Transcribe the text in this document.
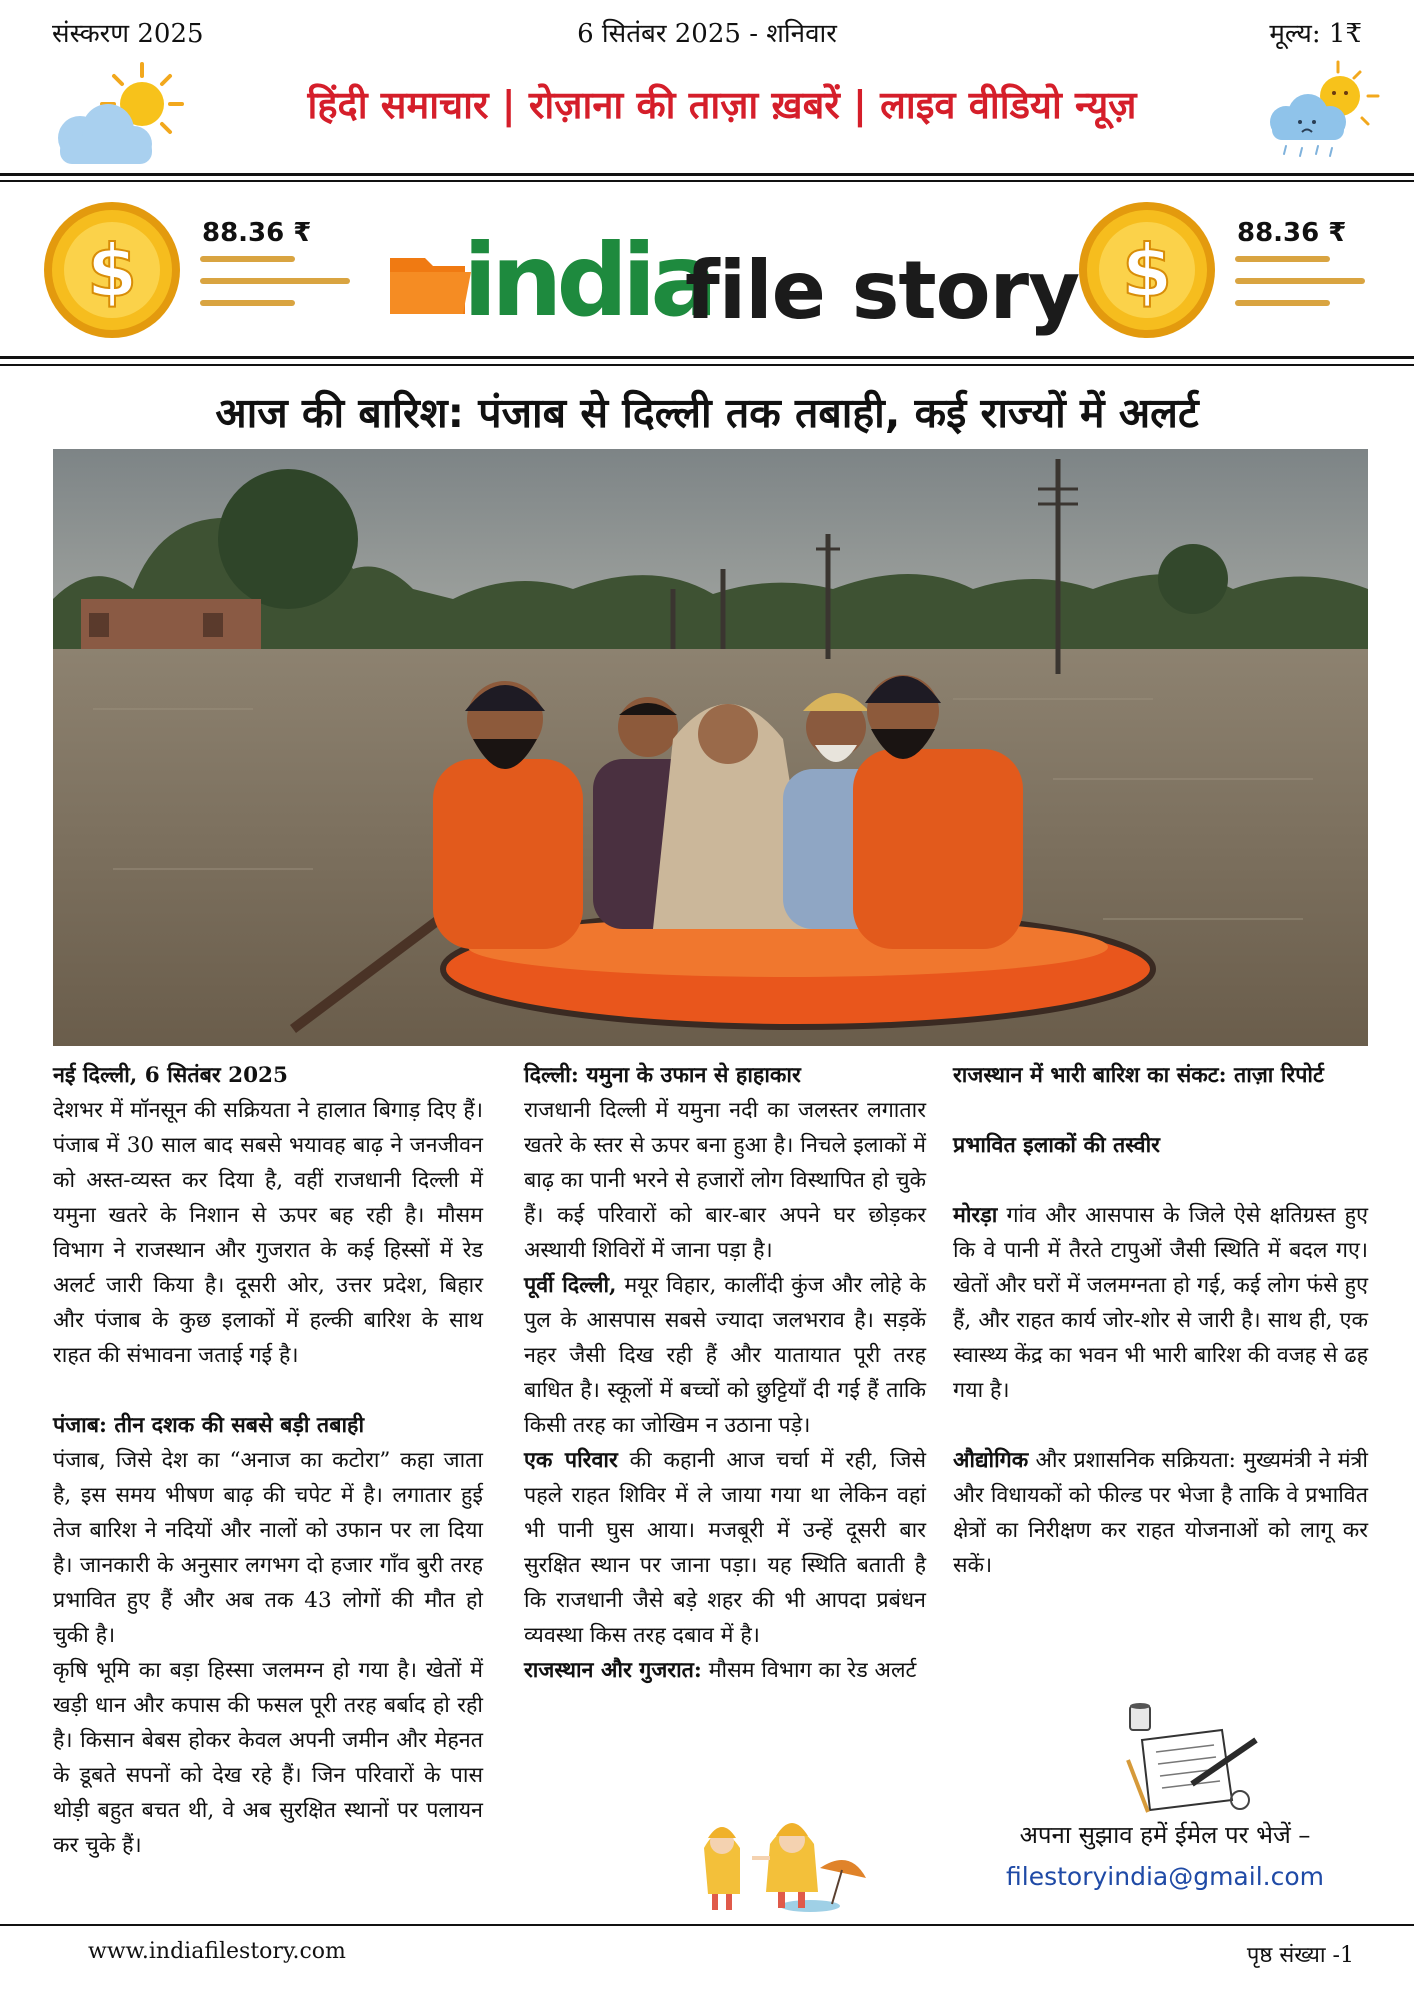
संस्करण 2025	6 सितंबर 2025 - शनिवार	मूल्य: 1₹
हिंदी समाचार | रोज़ाना की ताज़ा ख़बरें | लाइव वीडियो न्यूज़
$ 88.36 ₹ india
file story $ 88.36 ₹
आज की बारिश: पंजाब से दिल्ली तक तबाही, कई राज्यों में अलर्ट

नई दिल्ली, 6 सितंबर 2025

देशभर में मॉनसून की सक्रियता ने हालात बिगाड़ दिए हैं। पंजाब में 30 साल बाद सबसे भयावह बाढ़ ने जनजीवन को अस्त-व्यस्त कर दिया है, वहीं राजधानी दिल्ली में यमुना खतरे के निशान से ऊपर बह रही है। मौसम विभाग ने राजस्थान और गुजरात के कई हिस्सों में रेड अलर्ट जारी किया है। दूसरी ओर, उत्तर प्रदेश, बिहार और पंजाब के कुछ इलाकों में हल्की बारिश के साथ राहत की संभावना जताई गई है।

पंजाब: तीन दशक की सबसे बड़ी तबाही

पंजाब, जिसे देश का “अनाज का कटोरा” कहा जाता है, इस समय भीषण बाढ़ की चपेट में है। लगातार हुई तेज बारिश ने नदियों और नालों को उफान पर ला दिया है। जानकारी के अनुसार लगभग दो हजार गाँव बुरी तरह प्रभावित हुए हैं और अब तक 43 लोगों की मौत हो चुकी है।

कृषि भूमि का बड़ा हिस्सा जलमग्न हो गया है। खेतों में खड़ी धान और कपास की फसल पूरी तरह बर्बाद हो रही है। किसान बेबस होकर केवल अपनी जमीन और मेहनत के डूबते सपनों को देख रहे हैं। जिन परिवारों के पास थोड़ी बहुत बचत थी, वे अब सुरक्षित स्थानों पर पलायन कर चुके हैं।

दिल्ली: यमुना के उफान से हाहाकार

राजधानी दिल्ली में यमुना नदी का जलस्तर लगातार खतरे के स्तर से ऊपर बना हुआ है। निचले इलाकों में बाढ़ का पानी भरने से हजारों लोग विस्थापित हो चुके हैं। कई परिवारों को बार-बार अपने घर छोड़कर अस्थायी शिविरों में जाना पड़ा है।

पूर्वी दिल्ली, मयूर विहार, कालींदी कुंज और लोहे के पुल के आसपास सबसे ज्यादा जलभराव है। सड़कें नहर जैसी दिख रही हैं और यातायात पूरी तरह बाधित है। स्कूलों में बच्चों को छुट्टियाँ दी गई हैं ताकि किसी तरह का जोखिम न उठाना पड़े।

एक परिवार की कहानी आज चर्चा में रही, जिसे पहले राहत शिविर में ले जाया गया था लेकिन वहां भी पानी घुस आया। मजबूरी में उन्हें दूसरी बार सुरक्षित स्थान पर जाना पड़ा। यह स्थिति बताती है कि राजधानी जैसे बड़े शहर की भी आपदा प्रबंधन व्यवस्था किस तरह दबाव में है।

राजस्थान और गुजरात: मौसम विभाग का रेड अलर्ट

राजस्थान में भारी बारिश का संकट: ताज़ा रिपोर्ट

प्रभावित इलाकों की तस्वीर

मोरड़ा गांव और आसपास के जिले ऐसे क्षतिग्रस्त हुए कि वे पानी में तैरते टापुओं जैसी स्थिति में बदल गए। खेतों और घरों में जलमग्नता हो गई, कई लोग फंसे हुए हैं, और राहत कार्य जोर-शोर से जारी है। साथ ही, एक स्वास्थ्य केंद्र का भवन भी भारी बारिश की वजह से ढह गया है।

औद्योगिक और प्रशासनिक सक्रियता: मुख्यमंत्री ने मंत्री और विधायकों को फील्ड पर भेजा है ताकि वे प्रभावित क्षेत्रों का निरीक्षण कर राहत योजनाओं को लागू कर सकें।

अपना सुझाव हमें ईमेल पर भेजें –
filestoryindia@gmail.com
www.indiafilestory.com	पृष्ठ संख्या -1
